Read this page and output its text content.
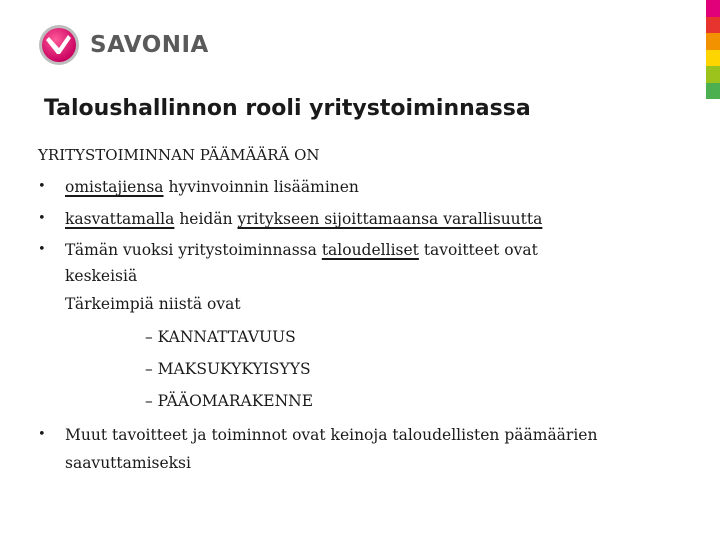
SAVONIA
Taloushallinnon rooli yritystoiminnassa
YRITYSTOIMINNAN PÄÄMÄÄRÄ ON
• omistajiensa hyvinvoinnin lisääminen
• kasvattamalla heidän yritykseen sijoittamaansa varallisuutta
• Tämän vuoksi yritystoiminnassa taloudelliset tavoitteet ovat
keskeisiä
Tärkeimpiä niistä ovat
– KANNATTAVUUS
– MAKSUKYKYISYYS
– PÄÄOMARAKENNE
• Muut tavoitteet ja toiminnot ovat keinoja taloudellisten päämäärien
saavuttamiseksi
